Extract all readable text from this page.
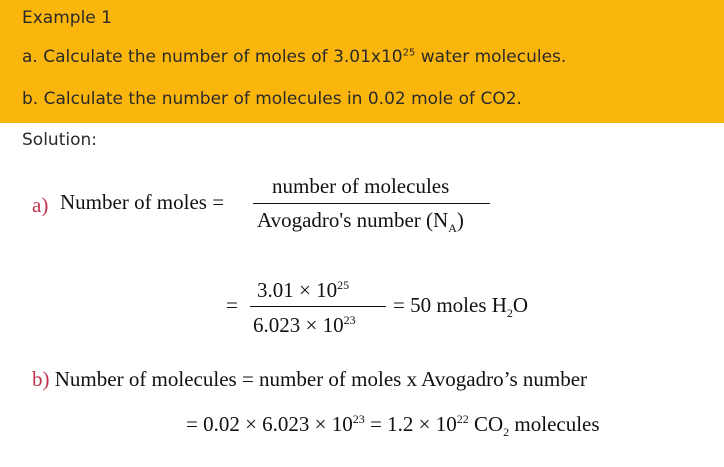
Example 1
a. Calculate the number of moles of $3.01x10^{25}$ water molecules.
b. Calculate the number of molecules in 0.02 mole of CO2.
Solution:
a) Number of moles =
number of molecules
Avogadro's number $(N_A)$
=
$3.01 \times 10^{25}$
$6.023 \times 10^{23}$
= 50 moles $H_2O$
b) Number of molecules = number of moles x Avogadro’s number
= $0.02 \times 6.023 \times 10^{23} = 1.2 \times 10^{22}$ $CO_2$ molecules
